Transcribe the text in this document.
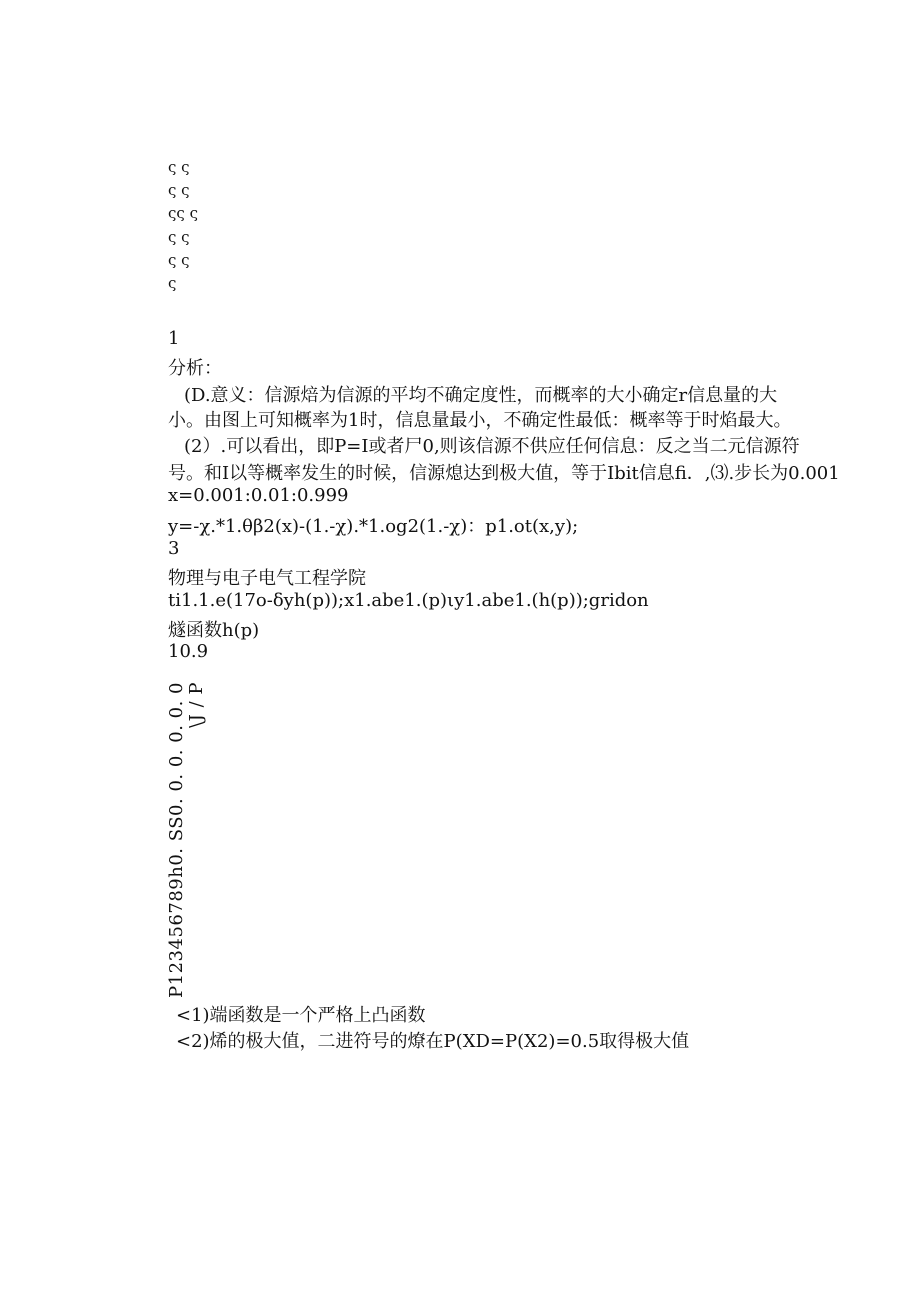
ς ς
ς ς
ςς ς
ς ς
ς ς
ς
1
分析：
(D.意义：信源焙为信源的平均不确定度性，而概率的大小确定r信息量的大
小。由图上可知概率为1时，信息量最小，不确定性最低：概率等于时焰最大。
(2）.可以看出，即P=I或者尸0,则该信源不供应任何信息：反之当二元信源符
号。和I以等概率发生的时候，信源熄达到极大值，等于Ibit信息fi．,⑶.步长为0.001
x=0.001:0.01:0.999
y=-χ.*1.θβ2(x)-(1.-χ).*1.og2(1.-χ)：p1.ot(x,y);
3
物理与电子电气工程学院
ti1.1.e(17o-δyh(p));x1.abe1.(p)ιy1.abe1.(h(p));gridon
燧函数h(p)
10.9
\J / P
P123456789h0. SS0. 0. 0. 0. 0. 0
<1)端函数是一个严格上凸函数
<2)烯的极大值，二进符号的燎在P(XD=P(X2)=0.5取得极大值
